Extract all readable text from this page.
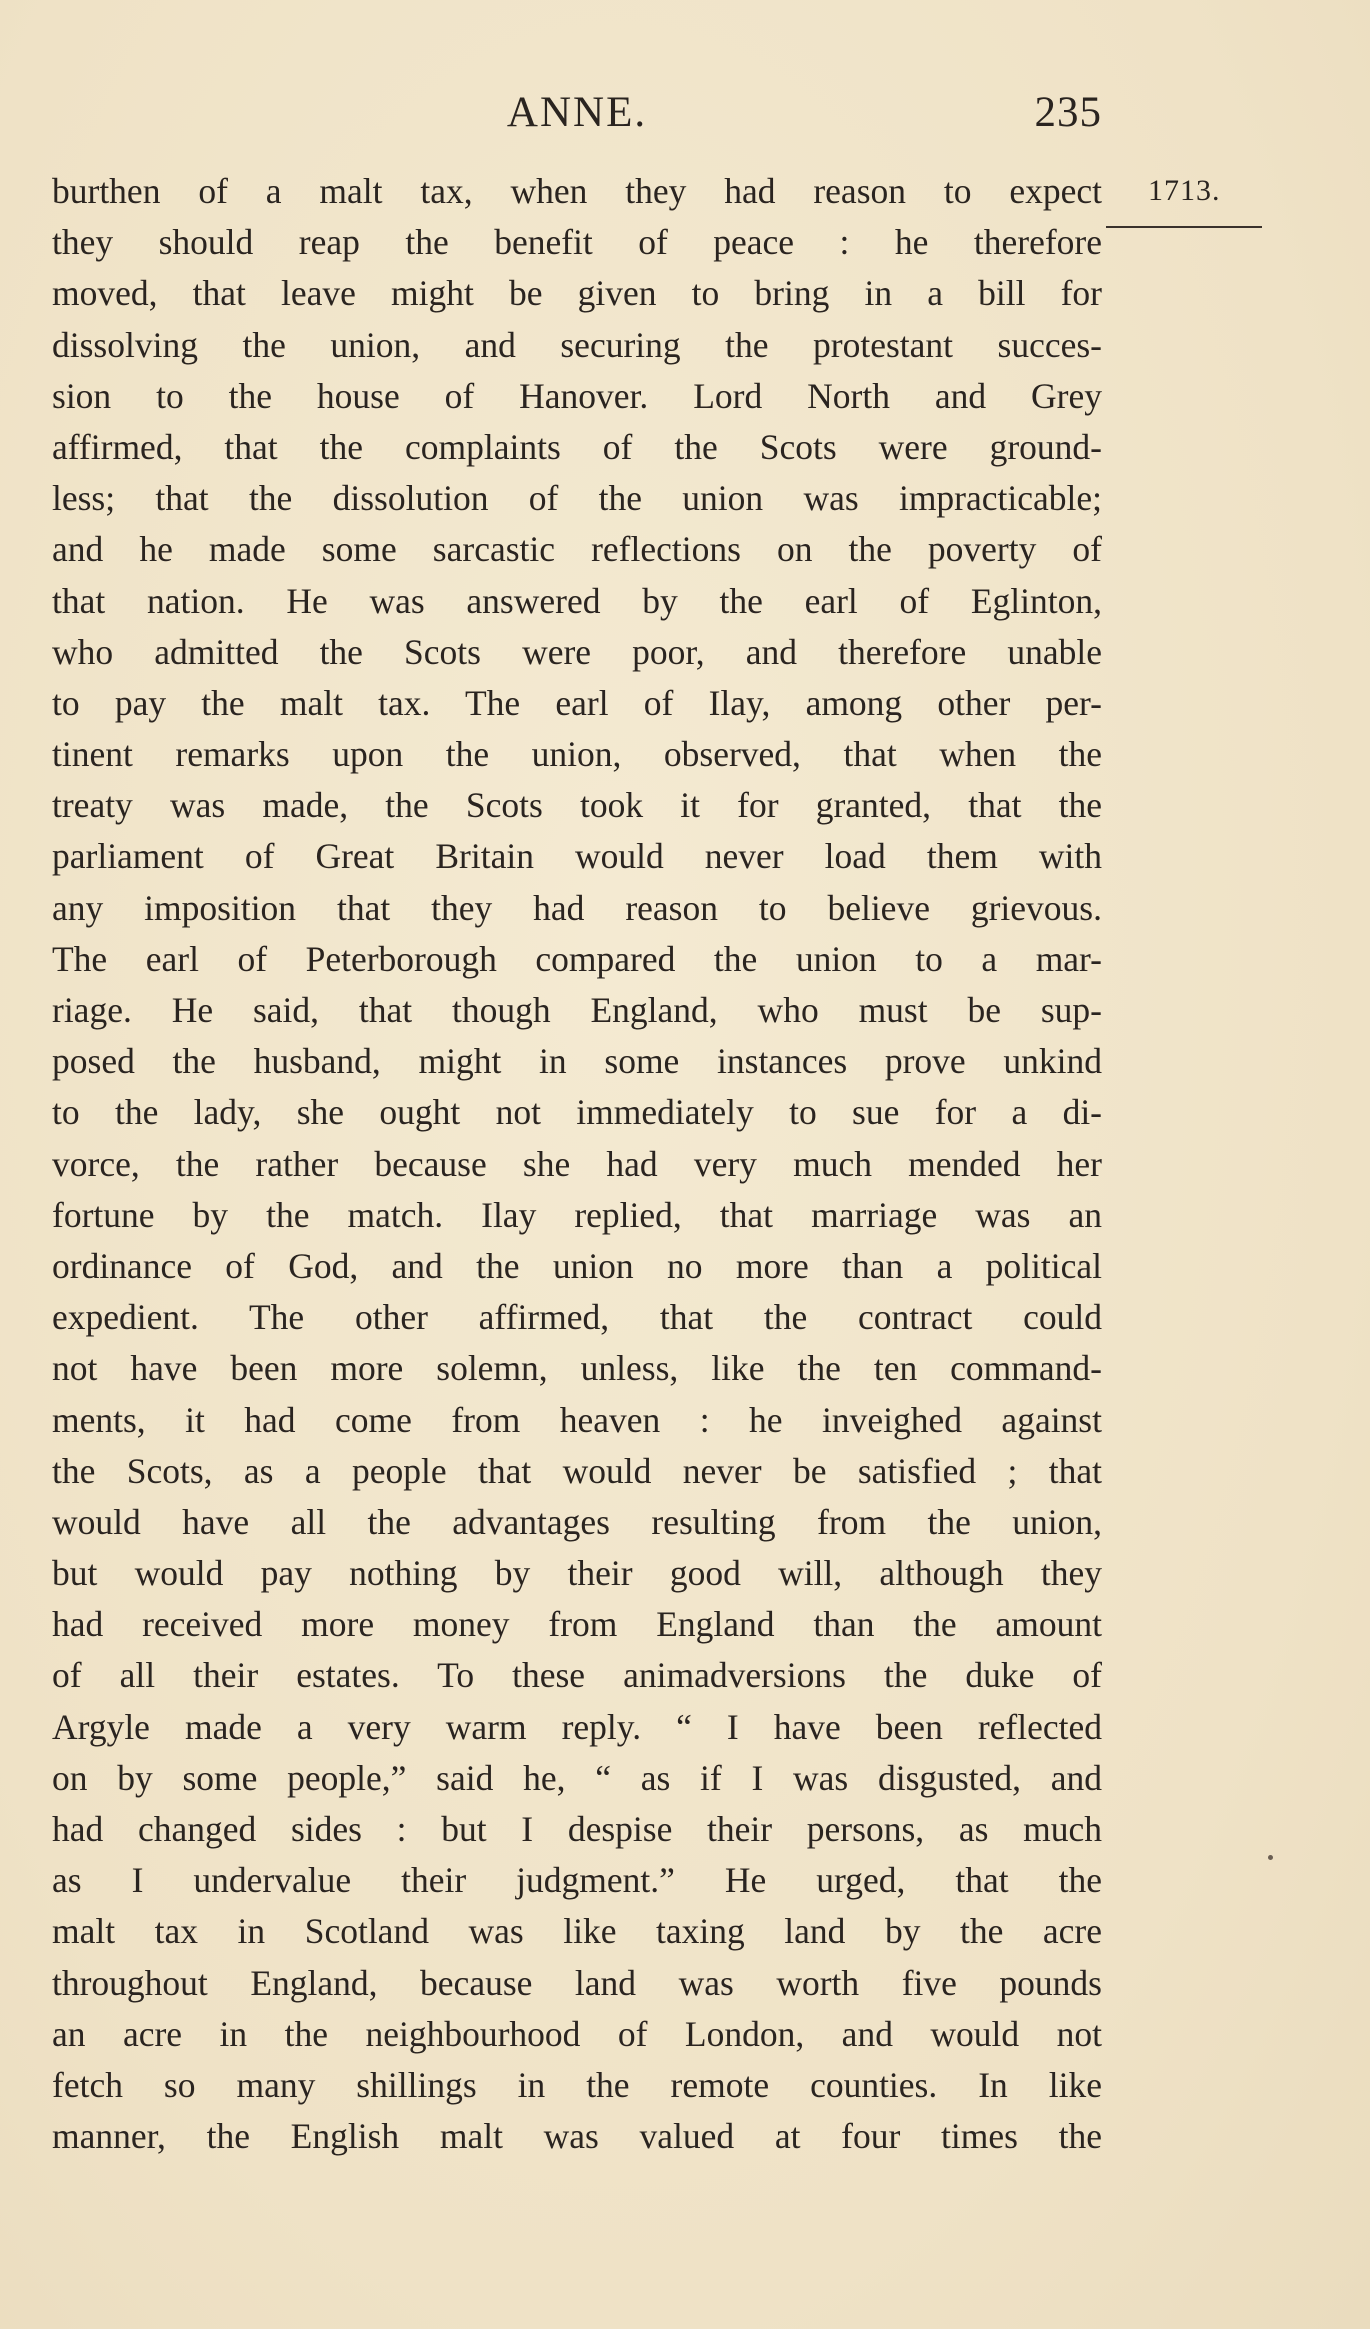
ANNE.	235
1713.
burthen of a malt tax, when they had reason to expect
they should reap the benefit of peace : he therefore
moved, that leave might be given to bring in a bill for
dissolving the union, and securing the protestant succes-
sion to the house of Hanover. Lord North and Grey
affirmed, that the complaints of the Scots were ground-
less; that the dissolution of the union was impracticable;
and he made some sarcastic reflections on the poverty of
that nation. He was answered by the earl of Eglinton,
who admitted the Scots were poor, and therefore unable
to pay the malt tax. The earl of Ilay, among other per-
tinent remarks upon the union, observed, that when the
treaty was made, the Scots took it for granted, that the
parliament of Great Britain would never load them with
any imposition that they had reason to believe grievous.
The earl of Peterborough compared the union to a mar-
riage. He said, that though England, who must be sup-
posed the husband, might in some instances prove unkind
to the lady, she ought not immediately to sue for a di-
vorce, the rather because she had very much mended her
fortune by the match. Ilay replied, that marriage was an
ordinance of God, and the union no more than a political
expedient. The other affirmed, that the contract could
not have been more solemn, unless, like the ten command-
ments, it had come from heaven : he inveighed against
the Scots, as a people that would never be satisfied ; that
would have all the advantages resulting from the union,
but would pay nothing by their good will, although they
had received more money from England than the amount
of all their estates. To these animadversions the duke of
Argyle made a very warm reply. “ I have been reflected
on by some people,” said he, “ as if I was disgusted, and
had changed sides : but I despise their persons, as much
as I undervalue their judgment.” He urged, that the
malt tax in Scotland was like taxing land by the acre
throughout England, because land was worth five pounds
an acre in the neighbourhood of London, and would not
fetch so many shillings in the remote counties. In like
manner, the English malt was valued at four times the
